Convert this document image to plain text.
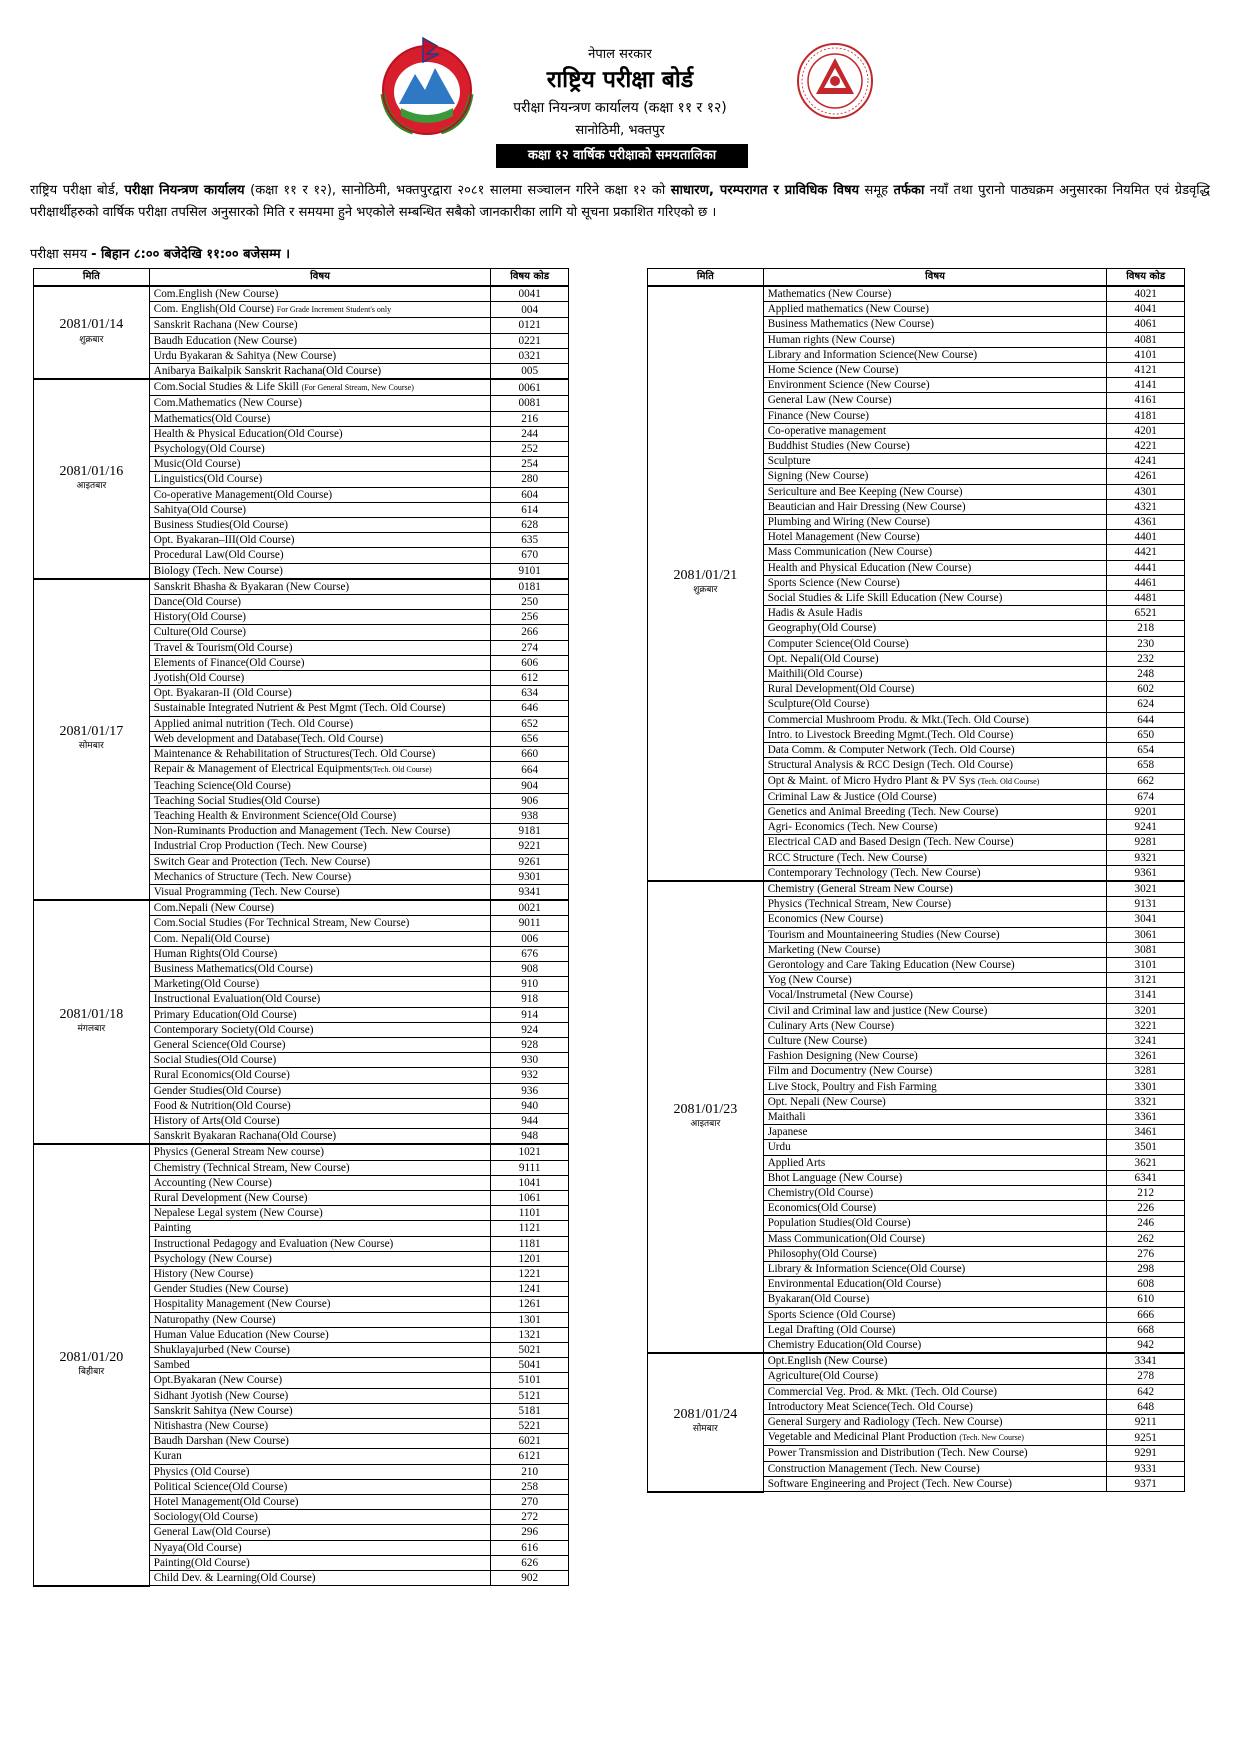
नेपाल सरकार
राष्ट्रिय परीक्षा बोर्ड
परीक्षा नियन्त्रण कार्यालय (कक्षा ११ र १२)
सानोठिमी, भक्तपुर
कक्षा १२ वार्षिक परीक्षाको समयतालिका
राष्ट्रिय परीक्षा बोर्ड, परीक्षा नियन्त्रण कार्यालय (कक्षा ११ र १२), सानोठिमी, भक्तपुरद्वारा २०८१ सालमा सञ्चालन गरिने कक्षा १२ को साधारण, परम्परागत र प्राविधिक विषय समूह तर्फका नयाँ तथा पुरानो पाठ्यक्रम अनुसारका नियमित एवं ग्रेडवृद्धि परीक्षार्थीहरुको वार्षिक परीक्षा तपसिल अनुसारको मिति र समयमा हुने भएकोले सम्बन्धित सबैको जानकारीका लागि यो सूचना प्रकाशित गरिएको छ ।
परीक्षा समय - बिहान ८:०० बजेदेखि ११:०० बजेसम्म ।
मिति	विषय	विषय कोड
2081/01/14
शुक्रबार	Com.English (New Course)	0041
	Com. English(Old Course) For Grade Increment Student's only	004
	Sanskrit Rachana (New Course)	0121
	Baudh Education (New Course)	0221
	Urdu Byakaran & Sahitya (New Course)	0321
	Anibarya Baikalpik Sanskrit Rachana(Old Course)	005
2081/01/16
आइतबार	Com.Social Studies & Life Skill (For General Stream, New Course)	0061
	Com.Mathematics (New Course)	0081
	Mathematics(Old Course)	216
	Health & Physical Education(Old Course)	244
	Psychology(Old Course)	252
	Music(Old Course)	254
	Linguistics(Old Course)	280
	Co-operative Management(Old Course)	604
	Sahitya(Old Course)	614
	Business Studies(Old Course)	628
	Opt. Byakaran–III(Old Course)	635
	Procedural Law(Old Course)	670
	Biology (Tech. New Course)	9101
2081/01/17
सोमबार	Sanskrit Bhasha & Byakaran (New Course)	0181
	Dance(Old Course)	250
	History(Old Course)	256
	Culture(Old Course)	266
	Travel & Tourism(Old Course)	274
	Elements of Finance(Old Course)	606
	Jyotish(Old Course)	612
	Opt. Byakaran-II (Old Course)	634
	Sustainable Integrated Nutrient & Pest Mgmt (Tech. Old Course)	646
	Applied animal nutrition (Tech. Old Course)	652
	Web development and Database(Tech. Old Course)	656
	Maintenance & Rehabilitation of Structures(Tech. Old Course)	660
	Repair & Management of Electrical Equipments(Tech. Old Course)	664
	Teaching Science(Old Course)	904
	Teaching Social Studies(Old Course)	906
	Teaching Health & Environment Science(Old Course)	938
	Non-Ruminants Production and Management (Tech. New Course)	9181
	Industrial Crop Production (Tech. New Course)	9221
	Switch Gear and Protection (Tech. New Course)	9261
	Mechanics of Structure (Tech. New Course)	9301
	Visual Programming (Tech. New Course)	9341
2081/01/18
मंगलबार	Com.Nepali (New Course)	0021
	Com.Social Studies (For Technical Stream, New Course)	9011
	Com. Nepali(Old Course)	006
	Human Rights(Old Course)	676
	Business Mathematics(Old Course)	908
	Marketing(Old Course)	910
	Instructional Evaluation(Old Course)	918
	Primary Education(Old Course)	914
	Contemporary Society(Old Course)	924
	General Science(Old Course)	928
	Social Studies(Old Course)	930
	Rural Economics(Old Course)	932
	Gender Studies(Old Course)	936
	Food & Nutrition(Old Course)	940
	History of Arts(Old Course)	944
	Sanskrit Byakaran Rachana(Old Course)	948
2081/01/20
बिहीबार	Physics (General Stream New course)	1021
	Chemistry (Technical Stream, New Course)	9111
	Accounting (New Course)	1041
	Rural Development (New Course)	1061
	Nepalese Legal system (New Course)	1101
	Painting	1121
	Instructional Pedagogy and Evaluation (New Course)	1181
	Psychology (New Course)	1201
	History (New Course)	1221
	Gender Studies (New Course)	1241
	Hospitality Management (New Course)	1261
	Naturopathy (New Course)	1301
	Human Value Education (New Course)	1321
	Shuklayajurbed (New Course)	5021
	Sambed	5041
	Opt.Byakaran (New Course)	5101
	Sidhant Jyotish (New Course)	5121
	Sanskrit Sahitya (New Course)	5181
	Nitishastra (New Course)	5221
	Baudh Darshan (New Course)	6021
	Kuran	6121
	Physics (Old Course)	210
	Political Science(Old Course)	258
	Hotel Management(Old Course)	270
	Sociology(Old Course)	272
	General Law(Old Course)	296
	Nyaya(Old Course)	616
	Painting(Old Course)	626
	Child Dev. & Learning(Old Course)	902
मिति	विषय	विषय कोड
2081/01/21
शुक्रबार	Mathematics (New Course)	4021
	Applied mathematics (New Course)	4041
	Business Mathematics (New Course)	4061
	Human rights (New Course)	4081
	Library and Information Science(New Course)	4101
	Home Science (New Course)	4121
	Environment Science (New Course)	4141
	General Law (New Course)	4161
	Finance (New Course)	4181
	Co-operative management	4201
	Buddhist Studies (New Course)	4221
	Sculpture	4241
	Signing (New Course)	4261
	Sericulture and Bee Keeping (New Course)	4301
	Beautician and Hair Dressing (New Course)	4321
	Plumbing and Wiring (New Course)	4361
	Hotel Management (New Course)	4401
	Mass Communication (New Course)	4421
	Health and Physical Education (New Course)	4441
	Sports Science (New Course)	4461
	Social Studies & Life Skill Education (New Course)	4481
	Hadis & Asule Hadis	6521
	Geography(Old Course)	218
	Computer Science(Old Course)	230
	Opt. Nepali(Old Course)	232
	Maithili(Old Course)	248
	Rural Development(Old Course)	602
	Sculpture(Old Course)	624
	Commercial Mushroom Produ. & Mkt.(Tech. Old Course)	644
	Intro. to Livestock Breeding Mgmt.(Tech. Old Course)	650
	Data Comm. & Computer Network (Tech. Old Course)	654
	Structural Analysis & RCC Design (Tech. Old Course)	658
	Opt & Maint. of Micro Hydro Plant & PV Sys (Tech. Old Course)	662
	Criminal Law & Justice (Old Course)	674
	Genetics and Animal Breeding (Tech. New Course)	9201
	Agri- Economics (Tech. New Course)	9241
	Electrical CAD and Based Design (Tech. New Course)	9281
	RCC Structure (Tech. New Course)	9321
	Contemporary Technology (Tech. New Course)	9361
2081/01/23
आइतबार	Chemistry (General Stream New Course)	3021
	Physics (Technical Stream, New Course)	9131
	Economics (New Course)	3041
	Tourism and Mountaineering Studies (New Course)	3061
	Marketing (New Course)	3081
	Gerontology and Care Taking Education (New Course)	3101
	Yog (New Course)	3121
	Vocal/Instrumetal (New Course)	3141
	Civil and Criminal law and justice (New Course)	3201
	Culinary Arts (New Course)	3221
	Culture (New Course)	3241
	Fashion Designing (New Course)	3261
	Film and Documentry (New Course)	3281
	Live Stock, Poultry and Fish Farming	3301
	Opt. Nepali (New Course)	3321
	Maithali	3361
	Japanese	3461
	Urdu	3501
	Applied Arts	3621
	Bhot Language (New Course)	6341
	Chemistry(Old Course)	212
	Economics(Old Course)	226
	Population Studies(Old Course)	246
	Mass Communication(Old Course)	262
	Philosophy(Old Course)	276
	Library & Information Science(Old Course)	298
	Environmental Education(Old Course)	608
	Byakaran(Old Course)	610
	Sports Science (Old Course)	666
	Legal Drafting (Old Course)	668
	Chemistry Education(Old Course)	942
2081/01/24
सोमबार	Opt.English (New Course)	3341
	Agriculture(Old Course)	278
	Commercial Veg. Prod. & Mkt. (Tech. Old Course)	642
	Introductory Meat Science(Tech. Old Course)	648
	General Surgery and Radiology (Tech. New Course)	9211
	Vegetable and Medicinal Plant Production (Tech. New Course)	9251
	Power Transmission and Distribution (Tech. New Course)	9291
	Construction Management (Tech. New Course)	9331
	Software Engineering and Project (Tech. New Course)	9371
